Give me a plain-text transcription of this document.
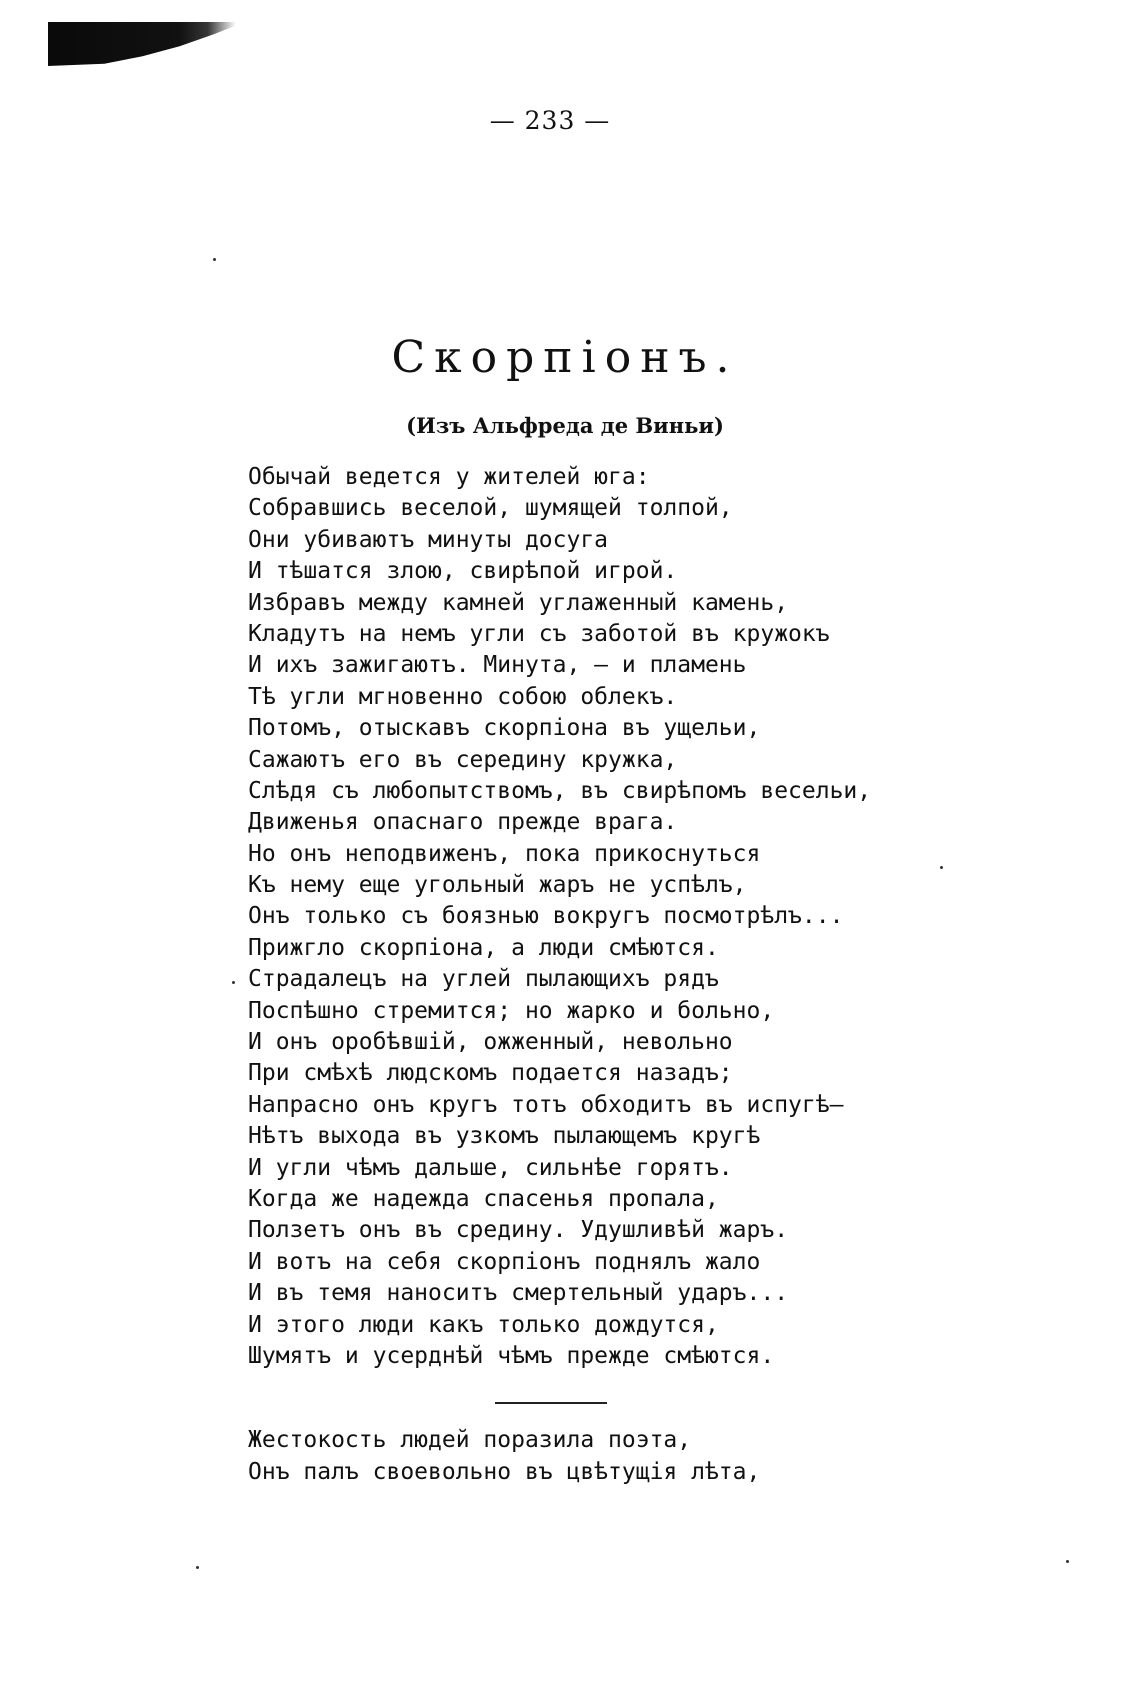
— 233 —
Скорпіонъ.
(Изъ Альфреда де Виньи)
Обычай ведется у жителей юга:
Собравшись веселой, шумящей толпой,
Они убиваютъ минуты досуга
И тѣшатся злою, свирѣпой игрой.
Избравъ между камней углаженный камень,
Кладутъ на немъ угли съ заботой въ кружокъ
И ихъ зажигаютъ. Минута, — и пламень
Тѣ угли мгновенно собою облекъ.
Потомъ, отыскавъ скорпіона въ ущельи,
Сажаютъ его въ середину кружка,
Слѣдя съ любопытствомъ, въ свирѣпомъ весельи,
Движенья опаснаго прежде врага.
Но онъ неподвиженъ, пока прикоснуться
Къ нему еще угольный жаръ не успѣлъ,
Онъ только съ боязнью вокругъ посмотрѣлъ...
Прижгло скорпіона, а люди смѣются.
Страдалецъ на углей пылающихъ рядъ
Поспѣшно стремится; но жарко и больно,
И онъ оробѣвшій, ожженный, невольно
При смѣхѣ людскомъ подается назадъ;
Напрасно онъ кругъ тотъ обходитъ въ испугѣ—
Нѣтъ выхода въ узкомъ пылающемъ кругѣ
И угли чѣмъ дальше, сильнѣе горятъ.
Когда же надежда спасенья пропала,
Ползетъ онъ въ средину. Удушливѣй жаръ.
И вотъ на себя скорпіонъ поднялъ жало
И въ темя наноситъ смертельный ударъ...
И этого люди какъ только дождутся,
Шумятъ и усерднѣй чѣмъ прежде смѣются.
Жестокость людей поразила поэта,
Онъ палъ своевольно въ цвѣтущія лѣта,
